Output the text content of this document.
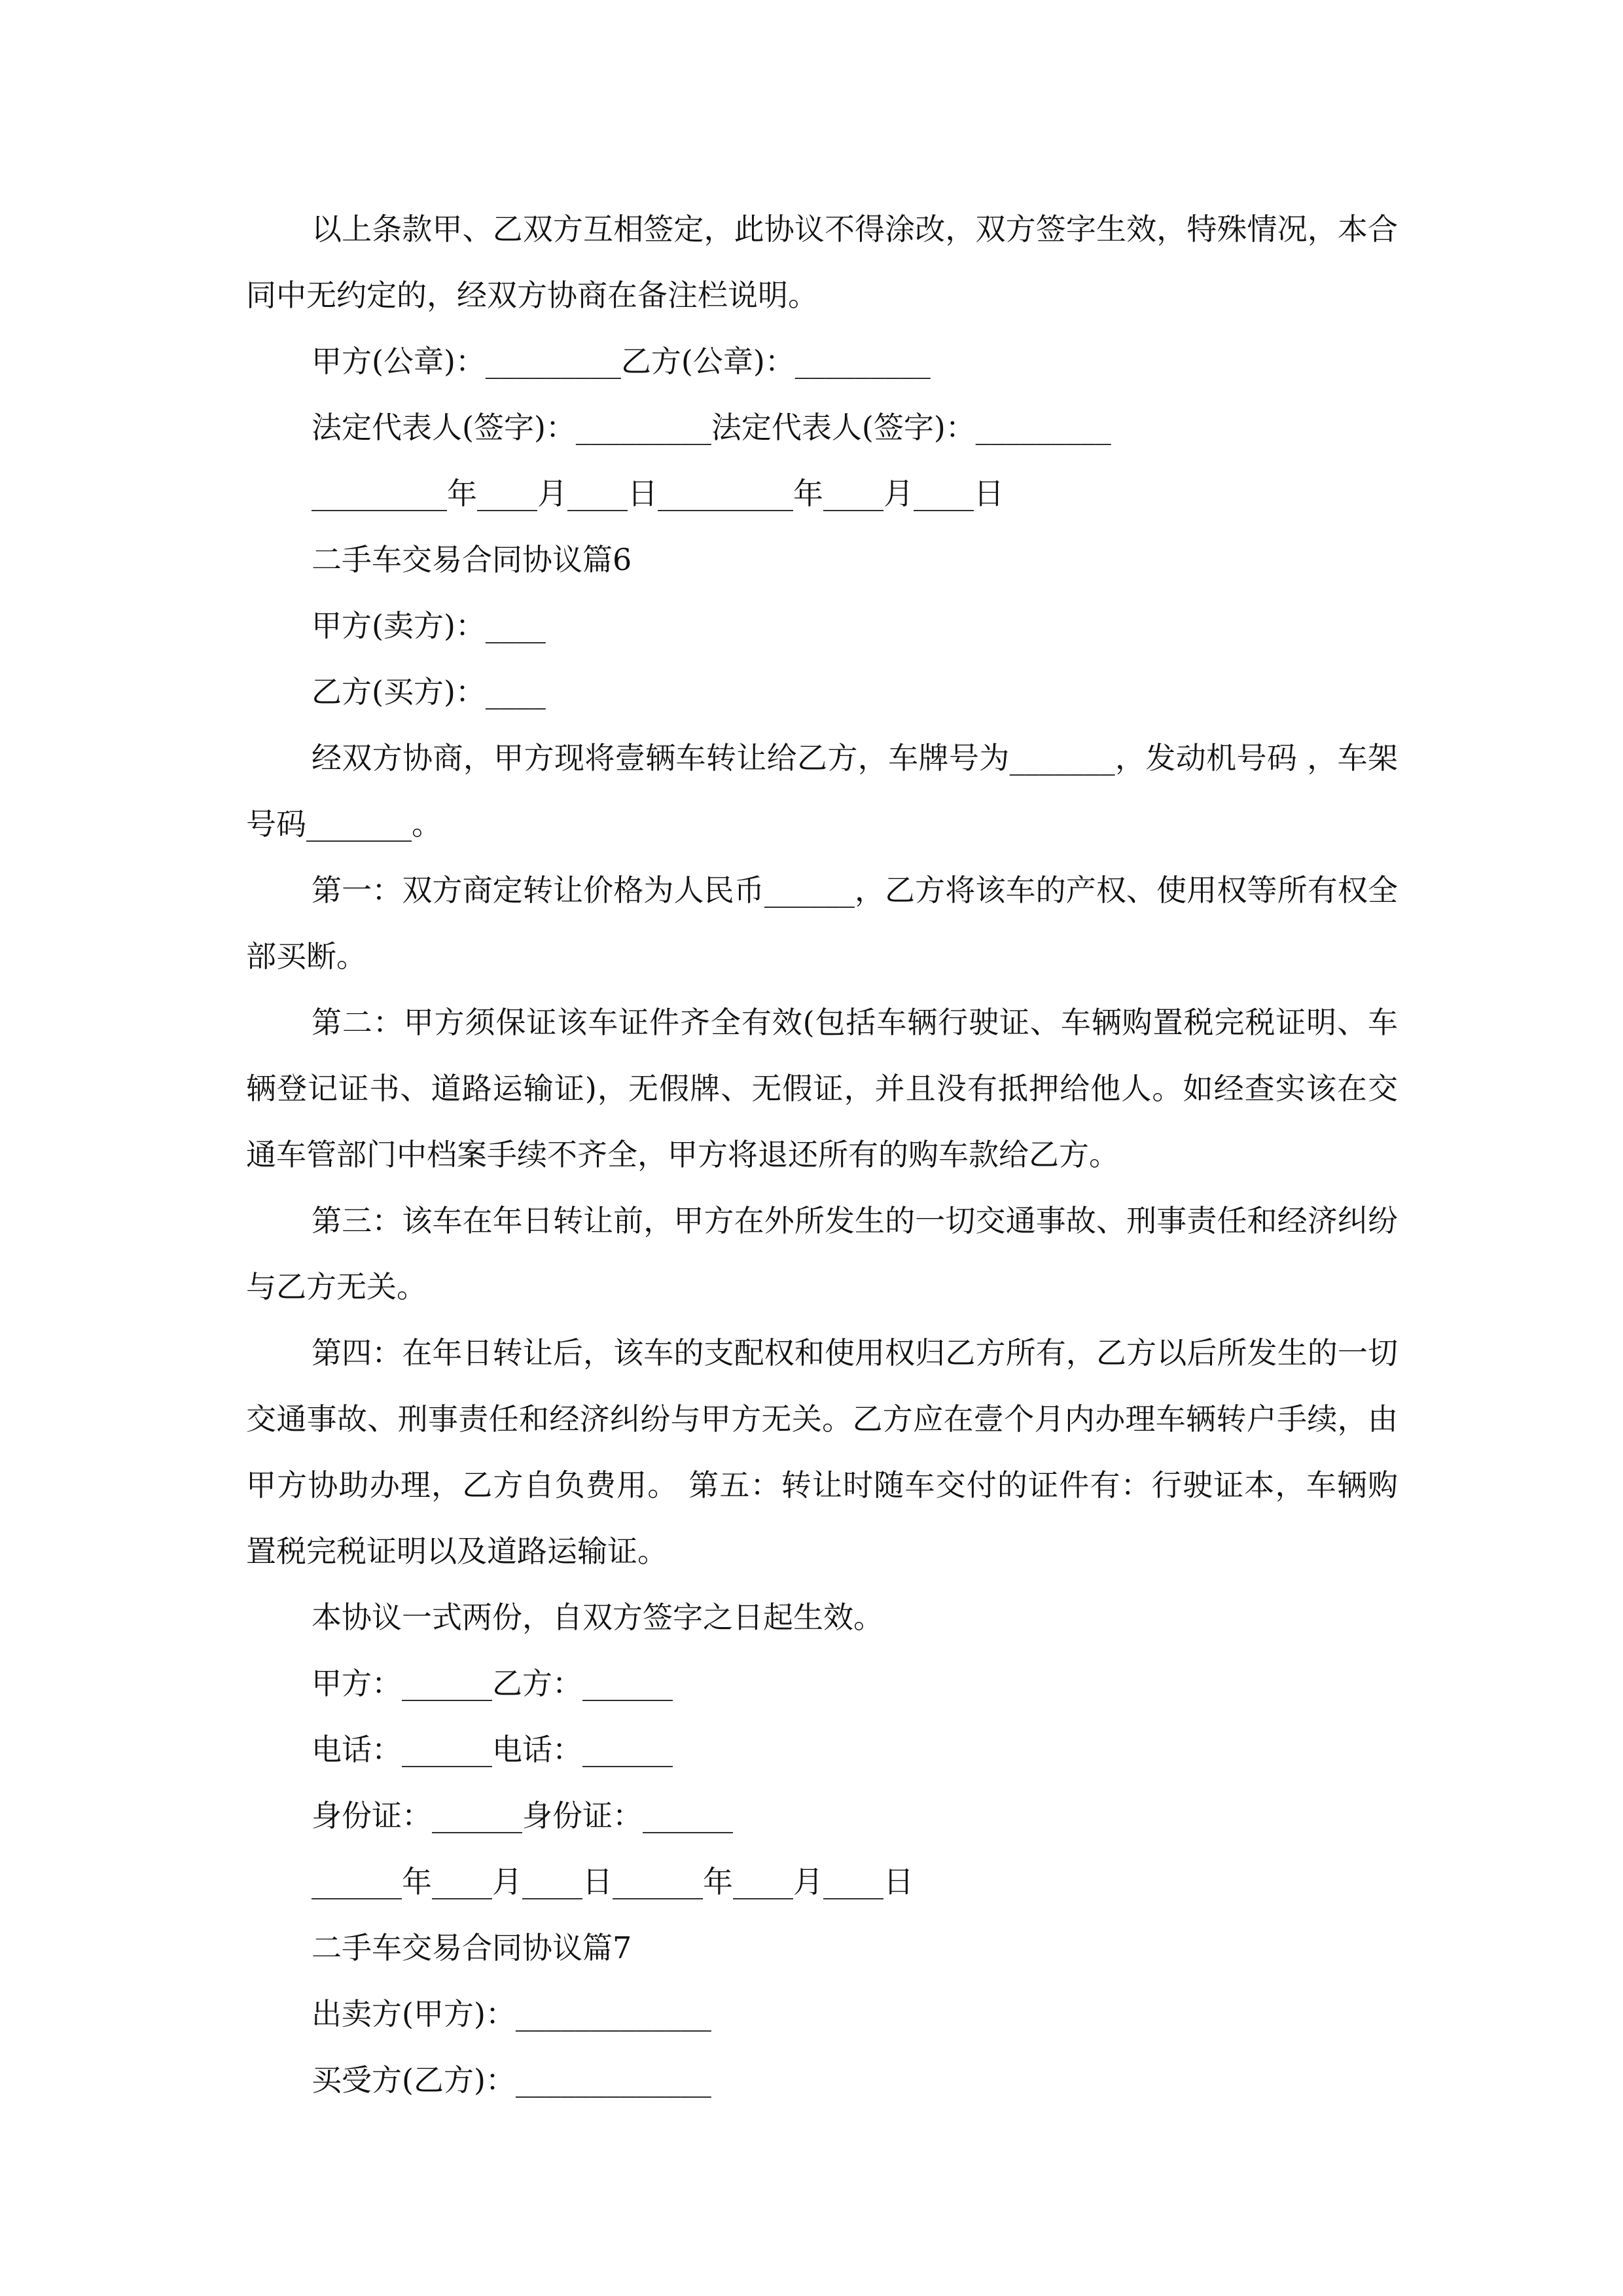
以上条款甲、乙双方互相签定，此协议不得涂改，双方签字生效，特殊情况，本合同中无约定的，经双方协商在备注栏说明。
甲方(公章)：_________乙方(公章)：_________
法定代表人(签字)：_________法定代表人(签字)：_________
_________年____月____日_________年____月____日
二手车交易合同协议篇6
甲方(卖方)：____
乙方(买方)：____
经双方协商，甲方现将壹辆车转让给乙方，车牌号为_______，发动机号码 ，车架号码_______。
第一：双方商定转让价格为人民币______，乙方将该车的产权、使用权等所有权全部买断。
第二：甲方须保证该车证件齐全有效(包括车辆行驶证、车辆购置税完税证明、车辆登记证书、道路运输证)，无假牌、无假证，并且没有抵押给他人。如经查实该在交通车管部门中档案手续不齐全，甲方将退还所有的购车款给乙方。
第三：该车在年日转让前，甲方在外所发生的一切交通事故、刑事责任和经济纠纷与乙方无关。
第四：在年日转让后，该车的支配权和使用权归乙方所有，乙方以后所发生的一切交通事故、刑事责任和经济纠纷与甲方无关。乙方应在壹个月内办理车辆转户手续，由甲方协助办理，乙方自负费用。 第五：转让时随车交付的证件有：行驶证本，车辆购置税完税证明以及道路运输证。
本协议一式两份，自双方签字之日起生效。
甲方：______乙方：______
电话：______电话：______
身份证：______身份证：______
______年____月____日______年____月____日
二手车交易合同协议篇7
出卖方(甲方)：_____________
买受方(乙方)：_____________
